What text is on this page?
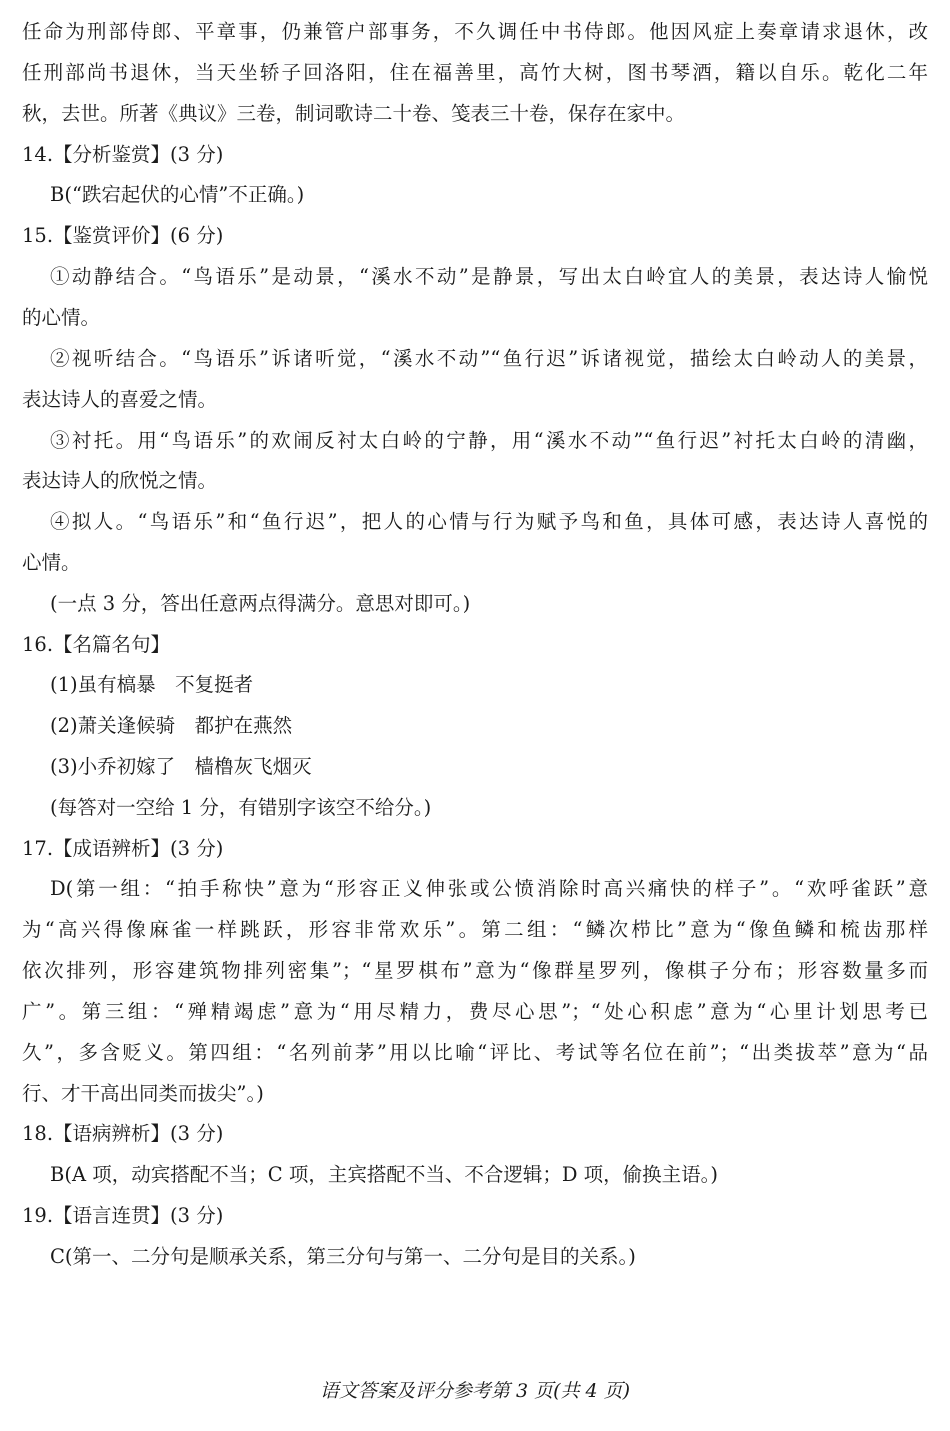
任命为刑部侍郎、平章事，仍兼管户部事务，不久调任中书侍郎。他因风症上奏章请求退休，改
任刑部尚书退休，当天坐轿子回洛阳，住在福善里，高竹大树，图书琴酒，籍以自乐。乾化二年
秋，去世。所著《典议》三卷，制词歌诗二十卷、笺表三十卷，保存在家中。
14.【分析鉴赏】(3 分)
B(“跌宕起伏的心情”不正确。)
15.【鉴赏评价】(6 分)
①动静结合。“鸟语乐”是动景，“溪水不动”是静景，写出太白岭宜人的美景，表达诗人愉悦
的心情。
②视听结合。“鸟语乐”诉诸听觉，“溪水不动”“鱼行迟”诉诸视觉，描绘太白岭动人的美景，
表达诗人的喜爱之情。
③衬托。用“鸟语乐”的欢闹反衬太白岭的宁静，用“溪水不动”“鱼行迟”衬托太白岭的清幽，
表达诗人的欣悦之情。
④拟人。“鸟语乐”和“鱼行迟”，把人的心情与行为赋予鸟和鱼，具体可感，表达诗人喜悦的
心情。
(一点 3 分，答出任意两点得满分。意思对即可。)
16.【名篇名句】
(1)虽有槁暴　不复挺者
(2)萧关逢候骑　都护在燕然
(3)小乔初嫁了　樯橹灰飞烟灭
(每答对一空给 1 分，有错别字该空不给分。)
17.【成语辨析】(3 分)
D(第一组：“拍手称快”意为“形容正义伸张或公愤消除时高兴痛快的样子”。“欢呼雀跃”意
为“高兴得像麻雀一样跳跃，形容非常欢乐”。第二组：“鳞次栉比”意为“像鱼鳞和梳齿那样
依次排列，形容建筑物排列密集”；“星罗棋布”意为“像群星罗列，像棋子分布；形容数量多而
广”。第三组：“殚精竭虑”意为“用尽精力，费尽心思”；“处心积虑”意为“心里计划思考已
久”，多含贬义。第四组：“名列前茅”用以比喻“评比、考试等名位在前”；“出类拔萃”意为“品
行、才干高出同类而拔尖”。)
18.【语病辨析】(3 分)
B(A 项，动宾搭配不当；C 项，主宾搭配不当、不合逻辑；D 项，偷换主语。)
19.【语言连贯】(3 分)
C(第一、二分句是顺承关系，第三分句与第一、二分句是目的关系。)
语文答案及评分参考第 3 页(共 4 页)
